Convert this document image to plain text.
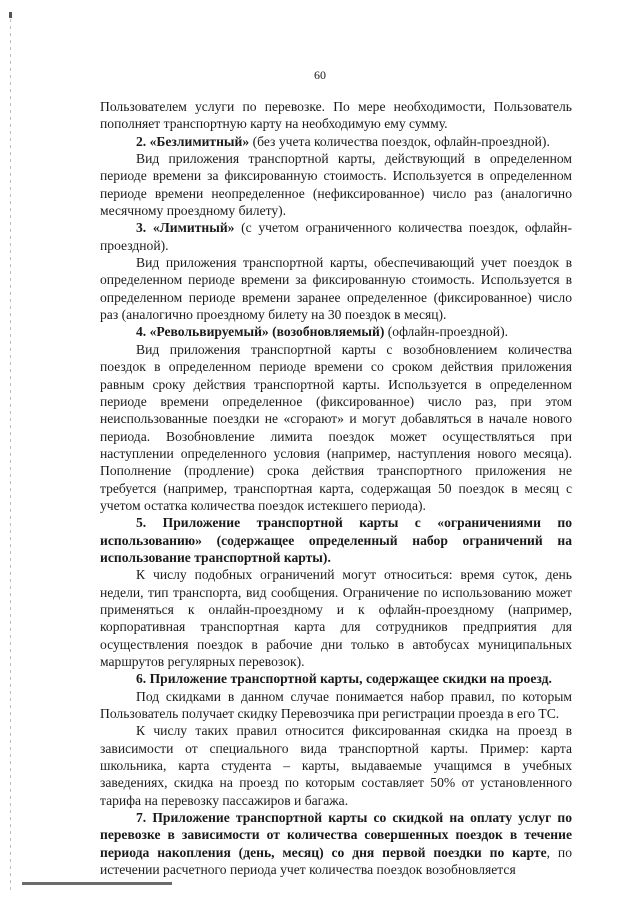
60

Пользователем услуги по перевозке. По мере необходимости, Пользователь пополняет транспортную карту на необходимую ему сумму.

2. «Безлимитный» (без учета количества поездок, офлайн-проездной).

Вид приложения транспортной карты, действующий в определенном периоде времени за фиксированную стоимость. Используется в определенном периоде времени неопределенное (нефиксированное) число раз (аналогично месячному проездному билету).

3. «Лимитный» (с учетом ограниченного количества поездок, офлайн-проездной).

Вид приложения транспортной карты, обеспечивающий учет поездок в определенном периоде времени за фиксированную стоимость. Используется в определенном периоде времени заранее определенное (фиксированное) число раз (аналогично проездному билету на 30 поездок в месяц).

4. «Револьвируемый» (возобновляемый) (офлайн-проездной).

Вид приложения транспортной карты с возобновлением количества поездок в определенном периоде времени со сроком действия приложения равным сроку действия транспортной карты. Используется в определенном периоде времени определенное (фиксированное) число раз, при этом неиспользованные поездки не «сгорают» и могут добавляться в начале нового периода. Возобновление лимита поездок может осуществляться при наступлении определенного условия (например, наступления нового месяца). Пополнение (продление) срока действия транспортного приложения не требуется (например, транспортная карта, содержащая 50 поездок в месяц с учетом остатка количества поездок истекшего периода).

5. Приложение транспортной карты с «ограничениями по использованию» (содержащее определенный набор ограничений на использование транспортной карты).

К числу подобных ограничений могут относиться: время суток, день недели, тип транспорта, вид сообщения. Ограничение по использованию может применяться к онлайн-проездному и к офлайн-проездному (например, корпоративная транспортная карта для сотрудников предприятия для осуществления поездок в рабочие дни только в автобусах муниципальных маршрутов регулярных перевозок).

6. Приложение транспортной карты, содержащее скидки на проезд.

Под скидками в данном случае понимается набор правил, по которым Пользователь получает скидку Перевозчика при регистрации проезда в его ТС.

К числу таких правил относится фиксированная скидка на проезд в зависимости от специального вида транспортной карты. Пример: карта школьника, карта студента – карты, выдаваемые учащимся в учебных заведениях, скидка на проезд по которым составляет 50% от установленного тарифа на перевозку пассажиров и багажа.

7. Приложение транспортной карты со скидкой на оплату услуг по перевозке в зависимости от количества совершенных поездок в течение периода накопления (день, месяц) со дня первой поездки по карте, по истечении расчетного периода учет количества поездок возобновляется
